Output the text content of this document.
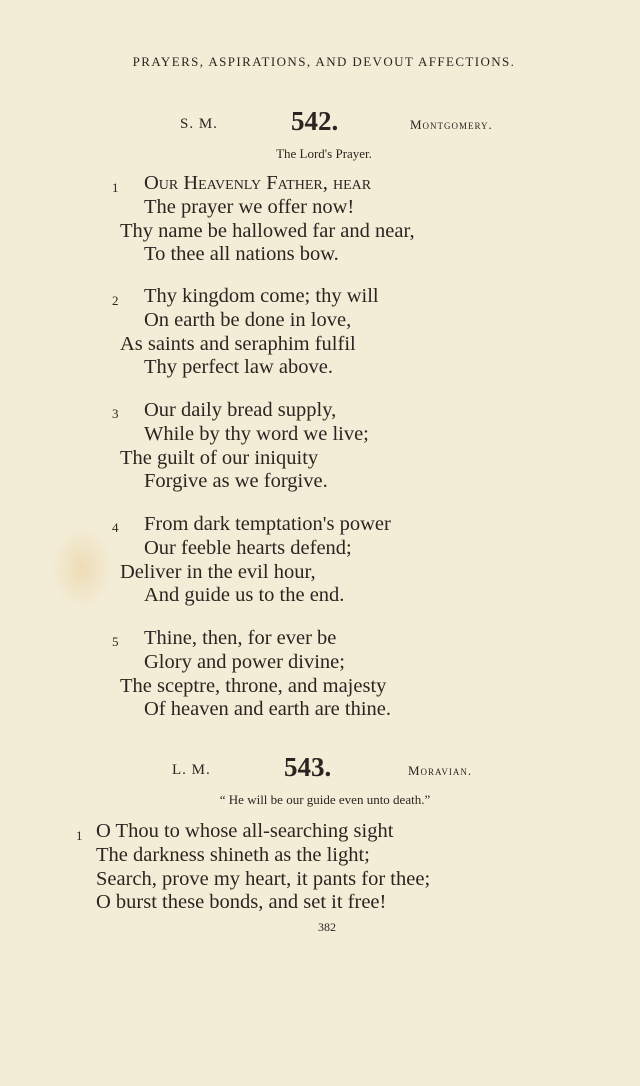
PRAYERS, ASPIRATIONS, AND DEVOUT AFFECTIONS.
S. M.	542.	Montgomery.
The Lord's Prayer.
1 Our Heavenly Father, hear
The prayer we offer now!
Thy name be hallowed far and near,
To thee all nations bow.
2 Thy kingdom come; thy will
On earth be done in love,
As saints and seraphim fulfil
Thy perfect law above.
3 Our daily bread supply,
While by thy word we live;
The guilt of our iniquity
Forgive as we forgive.
4 From dark temptation's power
Our feeble hearts defend;
Deliver in the evil hour,
And guide us to the end.
5 Thine, then, for ever be
Glory and power divine;
The sceptre, throne, and majesty
Of heaven and earth are thine.
L. M.	543.	Moravian.
“ He will be our guide even unto death.”
1 O Thou to whose all-searching sight
The darkness shineth as the light;
Search, prove my heart, it pants for thee;
O burst these bonds, and set it free!
382
